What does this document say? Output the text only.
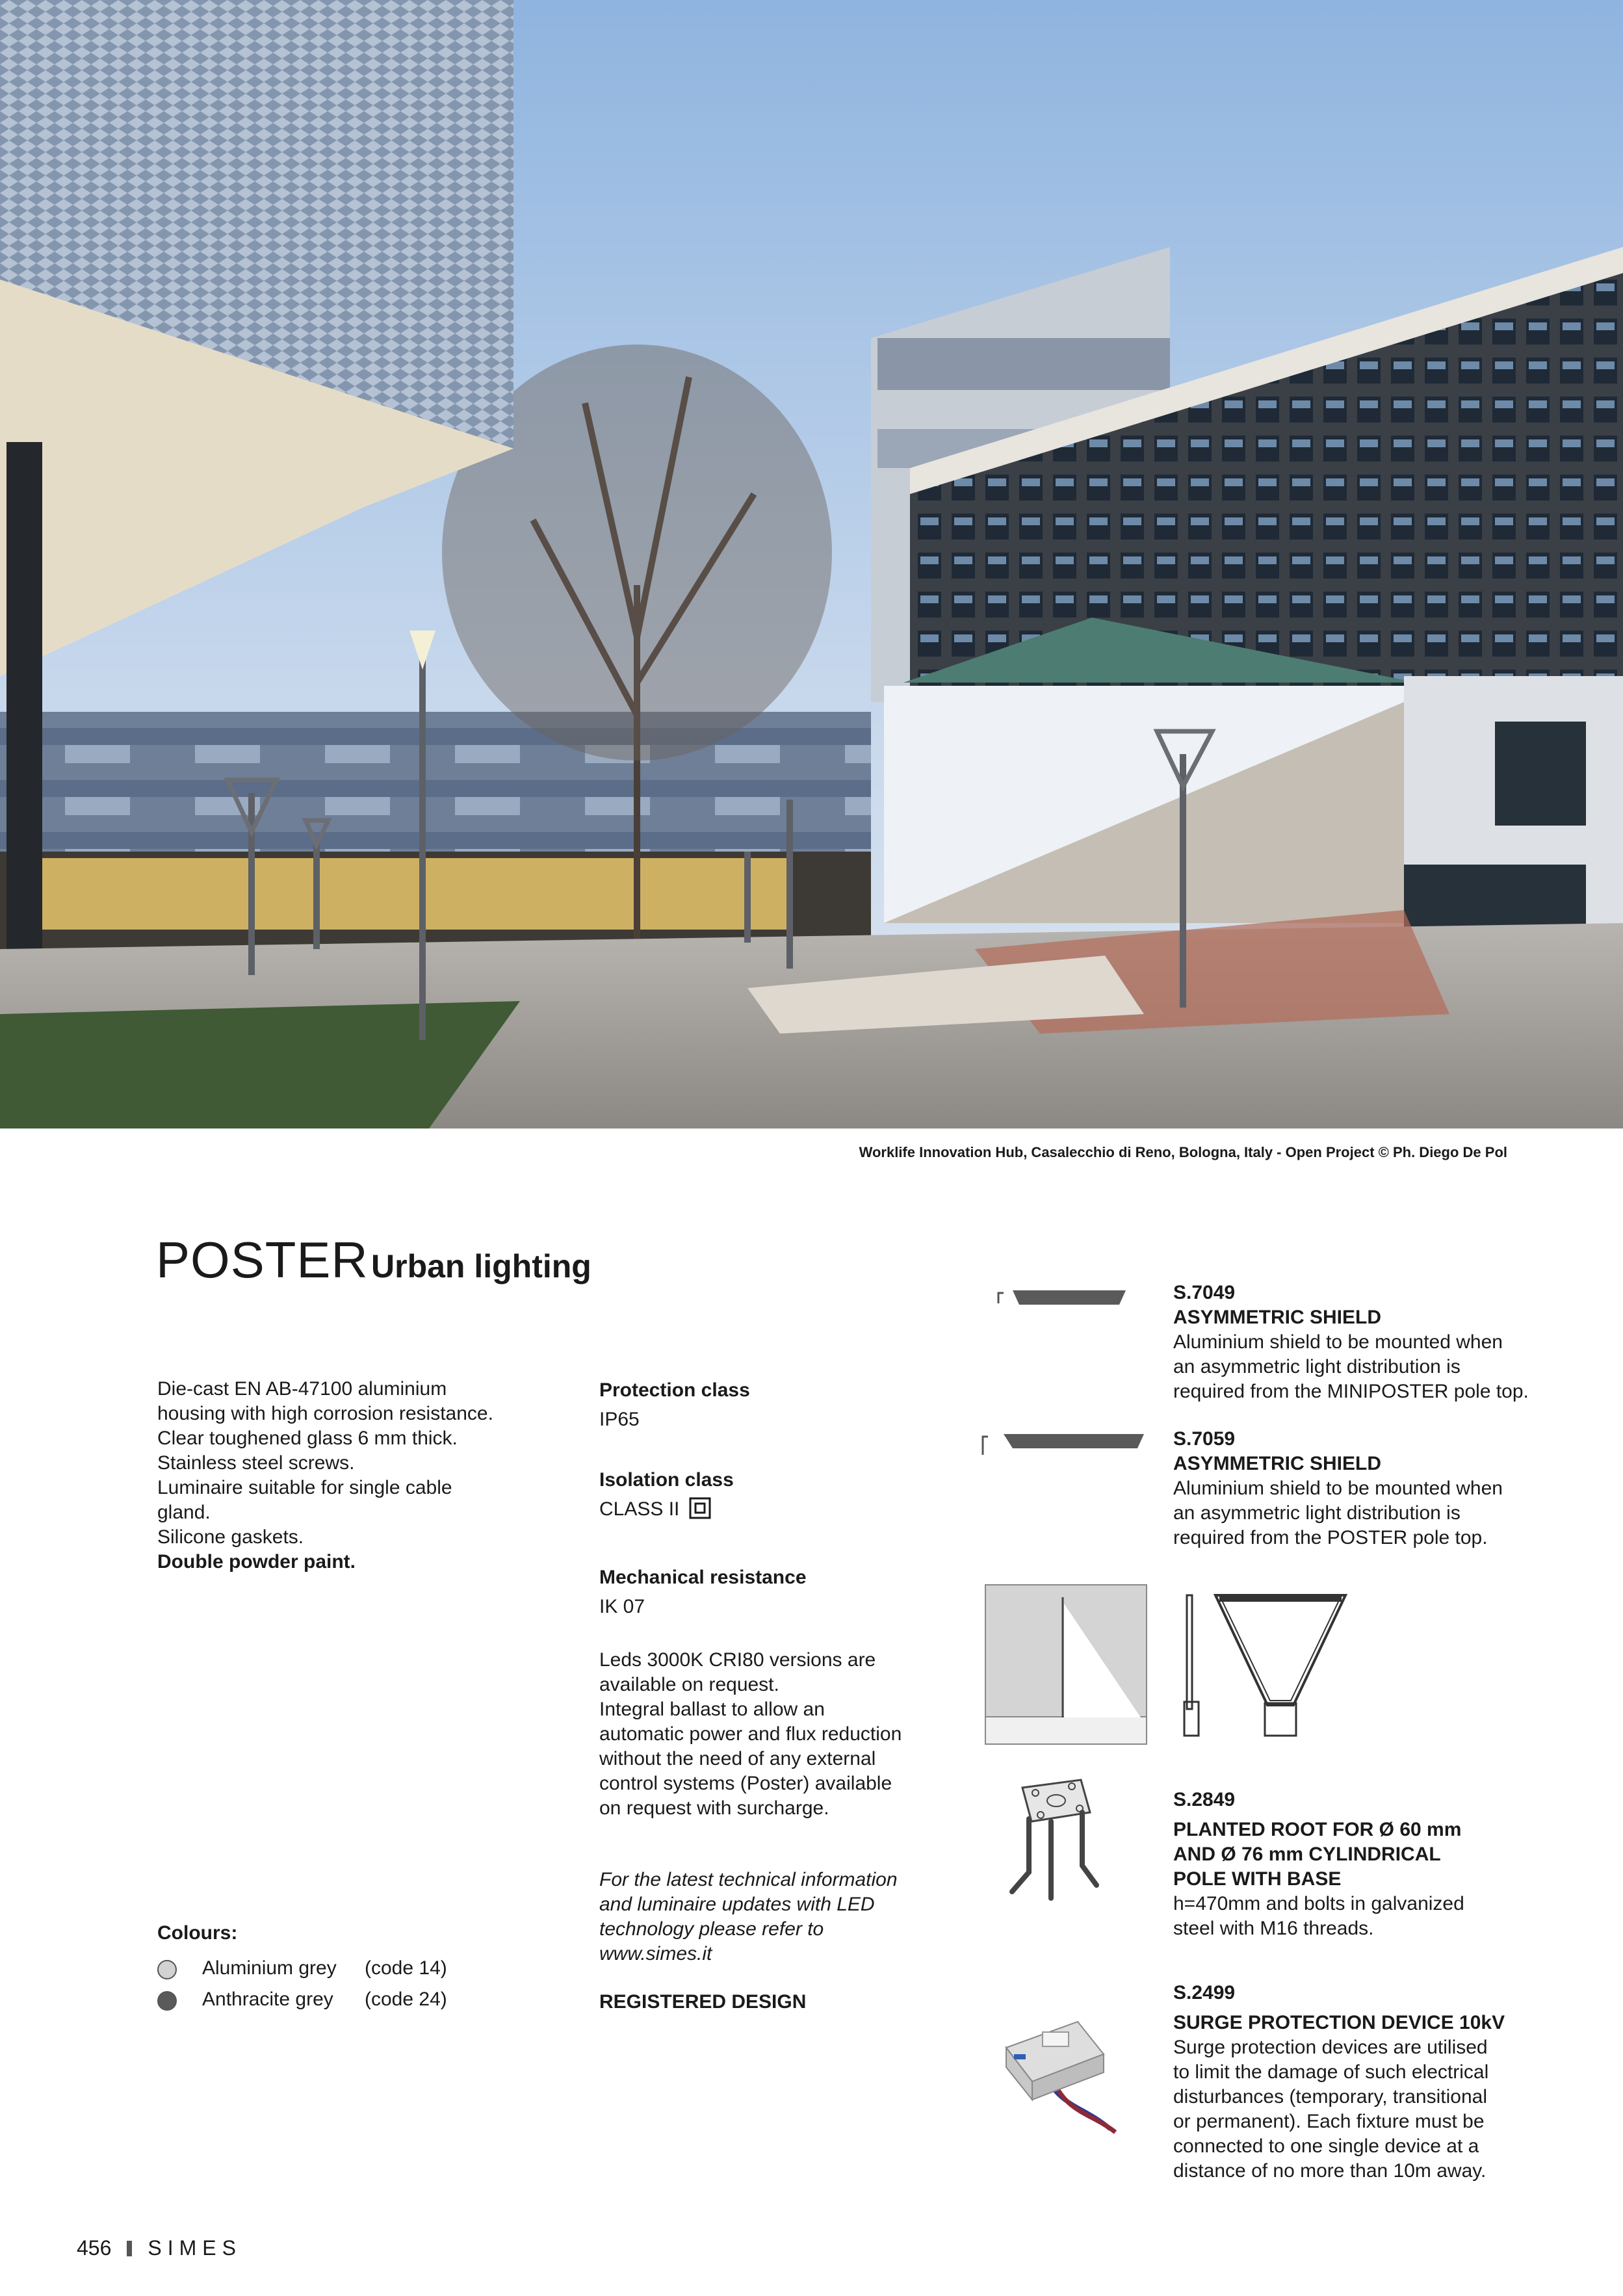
Worklife Innovation Hub, Casalecchio di Reno, Bologna, Italy - Open Project © Ph. Diego De Pol
POSTER Urban lighting
Die-cast EN AB-47100 aluminium
housing with high corrosion resistance.
Clear toughened glass 6 mm thick.
Stainless steel screws.
Luminaire suitable for single cable
gland.
Silicone gaskets.
Double powder paint.
Colours:
Aluminium grey (code 14)
Anthracite grey (code 24)
Protection class
IP65
Isolation class
CLASS II
Mechanical resistance
IK 07
Leds 3000K CRI80 versions are
available on request.
Integral ballast to allow an
automatic power and flux reduction
without the need of any external
control systems (Poster) available
on request with surcharge.
For the latest technical information
and luminaire updates with LED
technology please refer to
www.simes.it
REGISTERED DESIGN
S.7049
ASYMMETRIC SHIELD
Aluminium shield to be mounted when
an asymmetric light distribution is
required from the MINIPOSTER pole top.
S.7059
ASYMMETRIC SHIELD
Aluminium shield to be mounted when
an asymmetric light distribution is
required from the POSTER pole top.
S.2849
PLANTED ROOT FOR Ø 60 mm
AND Ø 76 mm CYLINDRICAL
POLE WITH BASE
h=470mm and bolts in galvanized
steel with M16 threads.
S.2499
SURGE PROTECTION DEVICE 10kV
Surge protection devices are utilised
to limit the damage of such electrical
disturbances (temporary, transitional
or permanent). Each fixture must be
connected to one single device at a
distance of no more than 10m away.
456 SIMES
